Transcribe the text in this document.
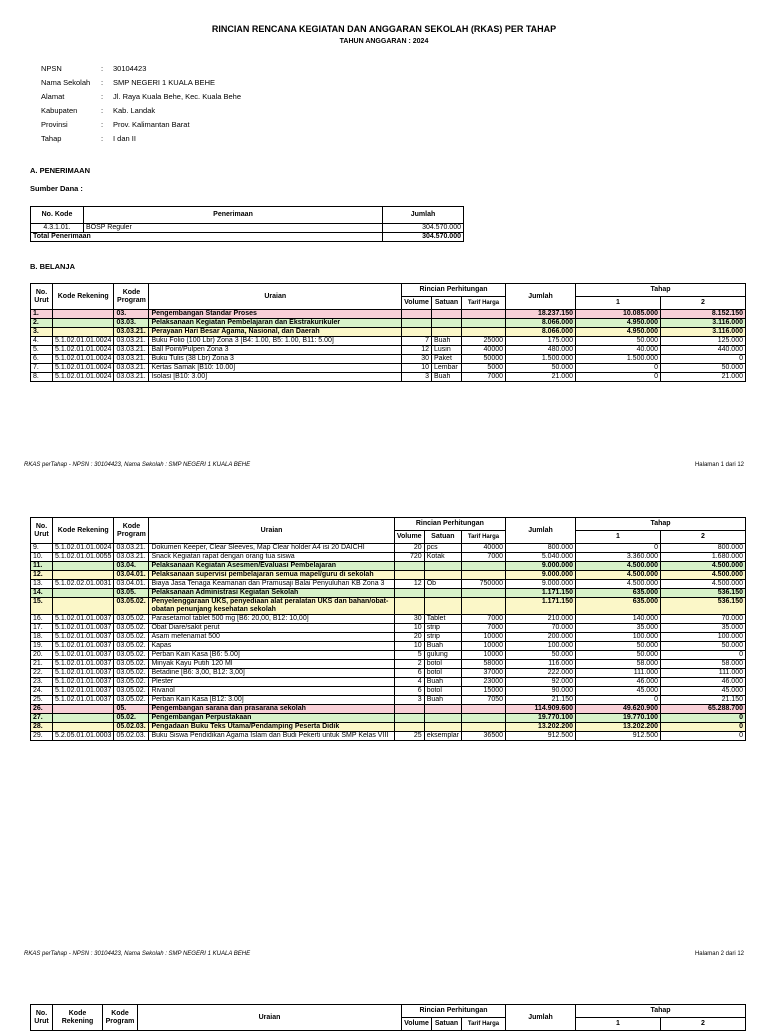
RINCIAN RENCANA KEGIATAN DAN ANGGARAN SEKOLAH (RKAS) PER TAHAP
TAHUN ANGGARAN : 2024
NPSN	:	30104423
Nama Sekolah	:	SMP NEGERI 1 KUALA BEHE
Alamat	:	Jl. Raya Kuala Behe, Kec. Kuala Behe
Kabupaten	:	Kab. Landak
Provinsi	:	Prov. Kalimantan Barat
Tahap	:	I dan II
A. PENERIMAAN
Sumber Dana :
No. Kode	Penerimaan	Jumlah
4.3.1.01.	BOSP Reguler	304.570.000
Total Penerimaan		304.570.000
B. BELANJA
No. Urut	Kode Rekening	Kode Program	Uraian	Rincian Perhitungan			Jumlah	Tahap	
				Volume	Satuan	Tarif Harga		1	2
1.		03.	Pengembangan Standar Proses				18.237.150	10.085.000	8.152.150
2.		03.03.	Pelaksanaan Kegiatan Pembelajaran dan Ekstrakurikuler				8.066.000	4.950.000	3.116.000
3.		03.03.21.	Perayaan Hari Besar Agama, Nasional, dan Daerah				8.066.000	4.950.000	3.116.000
4.	5.1.02.01.01.0024	03.03.21.	Buku Folio (100 Lbr) Zona 3 [B4: 1.00, B5: 1.00, B11: 5.00]	7	Buah	25000	175.000	50.000	125.000
5.	5.1.02.01.01.0024	03.03.21.	Ball Point/Pulpen Zona 3	12	Lusin	40000	480.000	40.000	440.000
6.	5.1.02.01.01.0024	03.03.21.	Buku Tulis (38 Lbr) Zona 3	30	Paket	50000	1.500.000	1.500.000	0
7.	5.1.02.01.01.0024	03.03.21.	Kertas Samak [B10: 10.00]	10	Lembar	5000	50.000	0	50.000
8.	5.1.02.01.01.0024	03.03.21.	Isolasi [B10: 3.00]	3	Buah	7000	21.000	0	21.000
RKAS perTahap - NPSN : 30104423, Nama Sekolah : SMP NEGERI 1 KUALA BEHE	Halaman 1 dari 12
No. Urut	Kode Rekening	Kode Program	Uraian	Rincian Perhitungan			Jumlah	Tahap	
				Volume	Satuan	Tarif Harga		1	2
9.	5.1.02.01.01.0024	03.03.21.	Dokumen Keeper, Clear Sleeves, Map Clear holder A4 isi 20 DAICHI	20	pcs	40000	800.000	0	800.000
10.	5.1.02.01.01.0055	03.03.21.	Snack Kegiatan rapat dengan orang tua siswa	720	Kotak	7000	5.040.000	3.360.000	1.680.000
11.		03.04.	Pelaksanaan Kegiatan Asesmen/Evaluasi Pembelajaran				9.000.000	4.500.000	4.500.000
12.		03.04.01.	Pelaksanaan supervisi pembelajaran semua mapel/guru di sekolah				9.000.000	4.500.000	4.500.000
13.	5.1.02.02.01.0031	03.04.01.	Biaya Jasa Tenaga Keamanan dan Pramusaji Balai Penyuluhan KB Zona 3	12	Ob	750000	9.000.000	4.500.000	4.500.000
14.		03.05.	Pelaksanaan Administrasi Kegiatan Sekolah				1.171.150	635.000	536.150
15.		03.05.02.	Penyelenggaraan UKS, penyediaan alat peralatan UKS dan bahan/obat-obatan penunjang kesehatan sekolah				1.171.150	635.000	536.150
16.	5.1.02.01.01.0037	03.05.02.	Parasetamol tablet 500 mg [B6: 20,00, B12: 10,00]	30	Tablet	7000	210.000	140.000	70.000
17.	5.1.02.01.01.0037	03.05.02.	Obat Diare/sakit perut	10	strip	7000	70.000	35.000	35.000
18.	5.1.02.01.01.0037	03.05.02.	Asam mefenamat 500	20	strip	10000	200.000	100.000	100.000
19.	5.1.02.01.01.0037	03.05.02.	Kapas	10	Buah	10000	100.000	50.000	50.000
20.	5.1.02.01.01.0037	03.05.02.	Perban Kain Kasa [B6: 5.00]	5	gulung	10000	50.000	50.000	0
21.	5.1.02.01.01.0037	03.05.02.	Minyak Kayu Putih 120 Ml	2	botol	58000	116.000	58.000	58.000
22.	5.1.02.01.01.0037	03.05.02.	Betadine [B6: 3,00, B12: 3,00]	6	botol	37000	222.000	111.000	111.000
23.	5.1.02.01.01.0037	03.05.02.	Plester	4	Buah	23000	92.000	46.000	46.000
24.	5.1.02.01.01.0037	03.05.02.	Rivanol	6	botol	15000	90.000	45.000	45.000
25.	5.1.02.01.01.0037	03.05.02.	Perban Kain Kasa [B12: 3.00]	3	Buah	7050	21.150	0	21.150
26.		05.	Pengembangan sarana dan prasarana sekolah				114.909.600	49.620.900	65.288.700
27.		05.02.	Pengembangan Perpustakaan				19.770.100	19.770.100	0
28.		05.02.03.	Pengadaan Buku Teks Utama/Pendamping Peserta Didik				13.202.200	13.202.200	0
29.	5.2.05.01.01.0003	05.02.03.	Buku Siswa Pendidikan Agama Islam dan Budi Pekerti untuk SMP Kelas VIII	25	eksemplar	36500	912.500	912.500	0
RKAS perTahap - NPSN : 30104423, Nama Sekolah : SMP NEGERI 1 KUALA BEHE	Halaman 2 dari 12
No. Urut	Kode Rekening	Kode Program	Uraian	Rincian Perhitungan			Jumlah	Tahap	
				Volume	Satuan	Tarif Harga		1	2
